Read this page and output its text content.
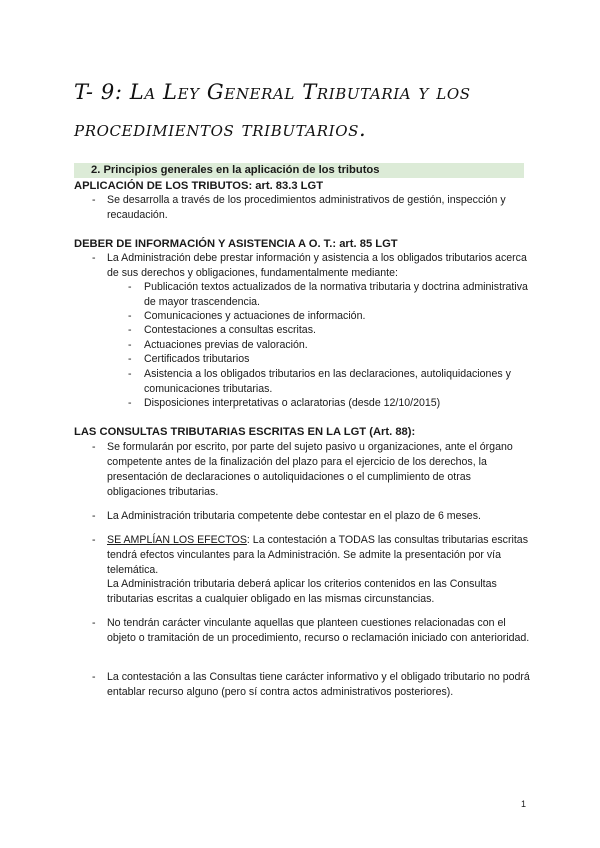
T- 9: La Ley General Tributaria y los procedimientos tributarios.
2. Principios generales en la aplicación de los tributos
APLICACIÓN DE LOS TRIBUTOS: art. 83.3 LGT
- Se desarrolla a través de los procedimientos administrativos de gestión, inspección y recaudación.
DEBER DE INFORMACIÓN Y ASISTENCIA A O. T.: art. 85 LGT
- La Administración debe prestar información y asistencia a los obligados tributarios acerca de sus derechos y obligaciones, fundamentalmente mediante:
- Publicación textos actualizados de la normativa tributaria y doctrina administrativa de mayor trascendencia.
- Comunicaciones y actuaciones de información.
- Contestaciones a consultas escritas.
- Actuaciones previas de valoración.
- Certificados tributarios
- Asistencia a los obligados tributarios en las declaraciones, autoliquidaciones y comunicaciones tributarias.
- Disposiciones interpretativas o aclaratorias (desde 12/10/2015)
LAS CONSULTAS TRIBUTARIAS ESCRITAS EN LA LGT (Art. 88):
- Se formularán por escrito, por parte del sujeto pasivo u organizaciones, ante el órgano competente antes de la finalización del plazo para el ejercicio de los derechos, la presentación de declaraciones o autoliquidaciones o el cumplimiento de otras obligaciones tributarias.
- La Administración tributaria competente debe contestar en el plazo de 6 meses.
- SE AMPLÍAN LOS EFECTOS: La contestación a TODAS las consultas tributarias escritas tendrá efectos vinculantes para la Administración. Se admite la presentación por vía telemática.
La Administración tributaria deberá aplicar los criterios contenidos en las Consultas tributarias escritas a cualquier obligado en las mismas circunstancias.
- No tendrán carácter vinculante aquellas que planteen cuestiones relacionadas con el objeto o tramitación de un procedimiento, recurso o reclamación iniciado con anterioridad.
- La contestación a las Consultas tiene carácter informativo y el obligado tributario no podrá entablar recurso alguno (pero sí contra actos administrativos posteriores).
1
